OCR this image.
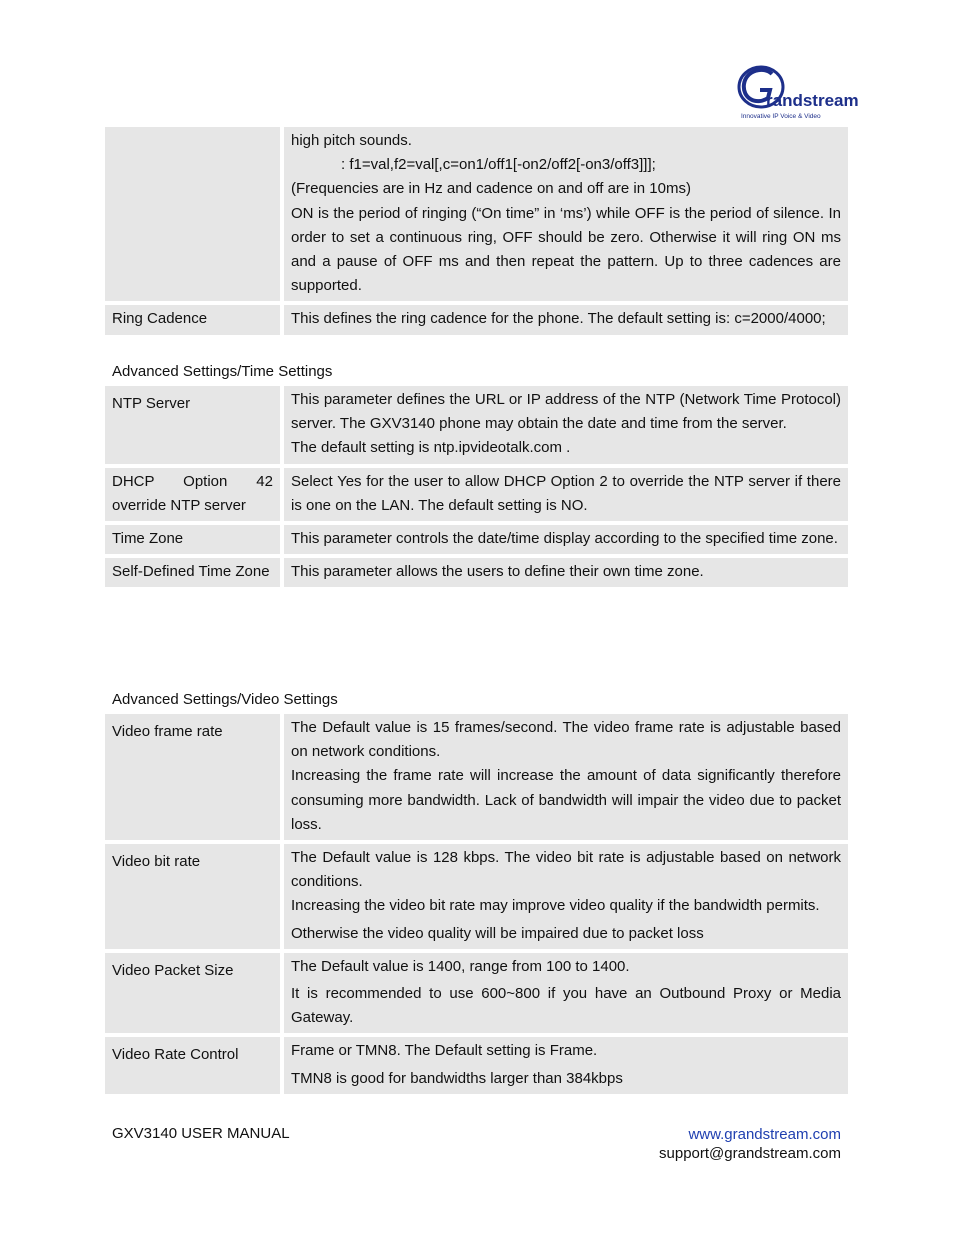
randstream
Innovative IP Voice & Video

		high pitch sounds.
: f1=val,f2=val[,c=on1/off1[-on2/off2[-on3/off3]]];
(Frequencies are in Hz and cadence on and off are in 10ms)
ON is the period of ringing (“On time” in ‘ms’) while OFF is the period of silence. In order to set a continuous ring, OFF should be zero. Otherwise it will ring ON ms and a pause of OFF ms and then repeat the pattern. Up to three cadences are supported.

Ring Cadence		This defines the ring cadence for the phone. The default setting is: c=2000/4000;
Advanced Settings/Time Settings
NTP Server		This parameter defines the URL or IP address of the NTP (Network Time Protocol) server. The GXV3140 phone may obtain the date and time from the server.
The default setting is ntp.ipvideotalk.com .

DHCP Option 42 override NTP server		Select Yes for the user to allow DHCP Option 2 to override the NTP server if there is one on the LAN. The default setting is NO.

Time Zone		This parameter controls the date/time display according to the specified time zone.

Self-Defined Time Zone		This parameter allows the users to define their own time zone.
Advanced Settings/Video Settings
Video frame rate		The Default value is 15 frames/second. The video frame rate is adjustable based on network conditions.
Increasing the frame rate will increase the amount of data significantly therefore consuming more bandwidth. Lack of bandwidth will impair the video due to packet loss.

Video bit rate		The Default value is 128 kbps. The video bit rate is adjustable based on network conditions.
Increasing the video bit rate may improve video quality if the bandwidth permits.
Otherwise the video quality will be impaired due to packet loss

Video Packet Size		The Default value is 1400, range from 100 to 1400.
It is recommended to use 600~800 if you have an Outbound Proxy or Media Gateway.

Video Rate Control		Frame or TMN8. The Default setting is Frame.
TMN8 is good for bandwidths larger than 384kbps
GXV3140 USER MANUAL	www.grandstream.com
support@grandstream.com
